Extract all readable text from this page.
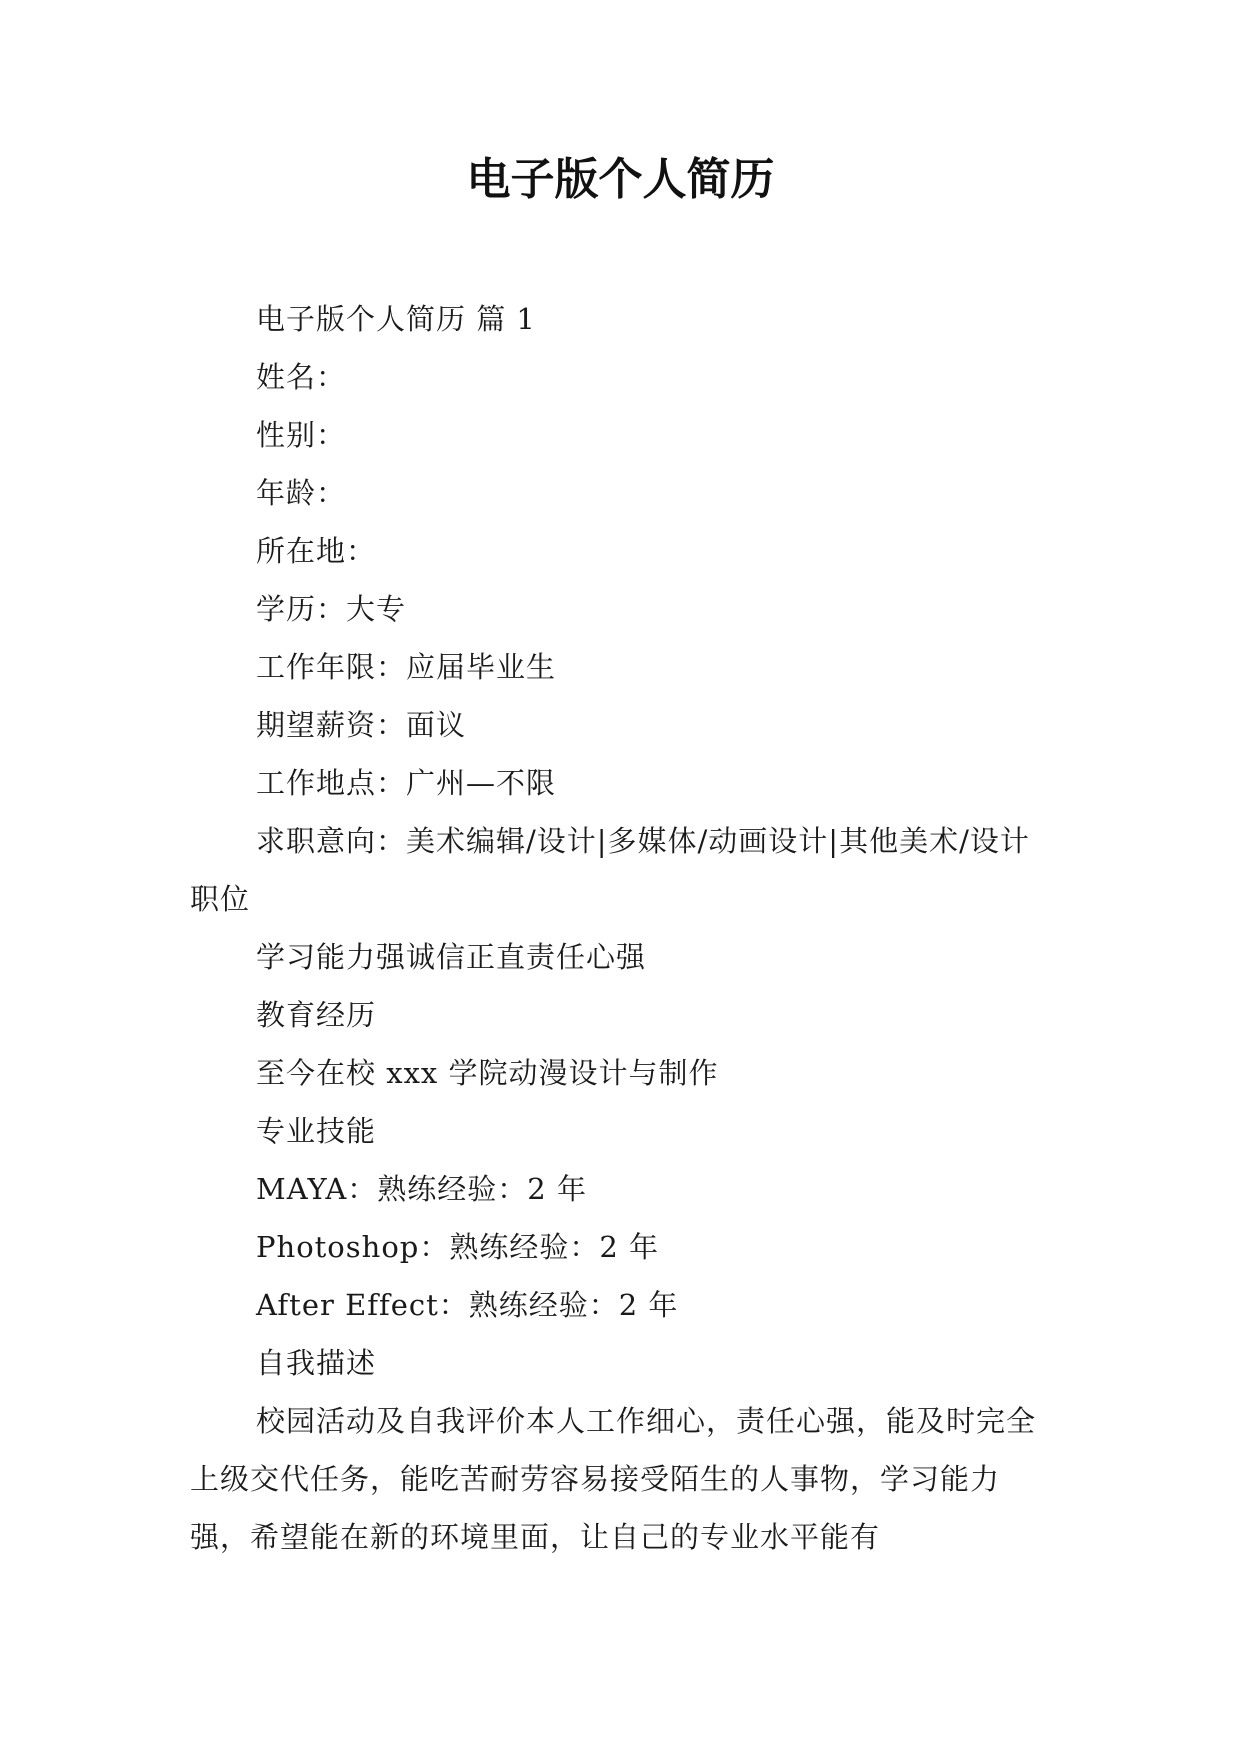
电子版个人简历

电子版个人简历 篇 1

姓名：

性别：

年龄：

所在地：

学历：大专

工作年限：应届毕业生

期望薪资：面议

工作地点：广州—不限

求职意向：美术编辑/设计|多媒体/动画设计|其他美术/设计职位

学习能力强诚信正直责任心强

教育经历

至今在校 xxx 学院动漫设计与制作

专业技能

MAYA：熟练经验：2 年

Photoshop：熟练经验：2 年

After Effect：熟练经验：2 年

自我描述

校园活动及自我评价本人工作细心，责任心强，能及时完全上级交代任务，能吃苦耐劳容易接受陌生的人事物，学习能力强，希望能在新的环境里面，让自己的专业水平能有
